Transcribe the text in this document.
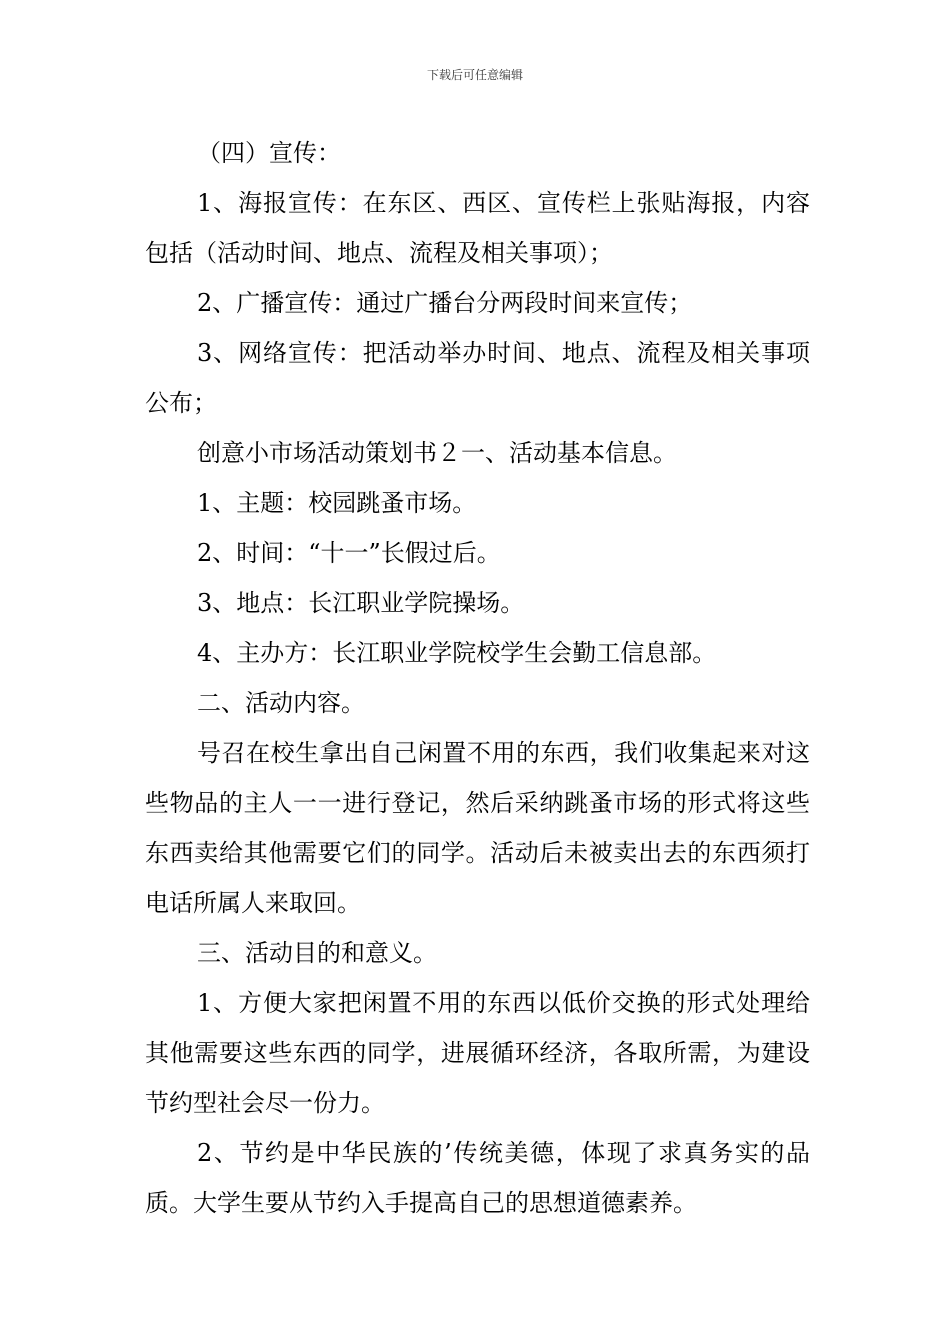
下载后可任意编辑

（四）宣传：

1、海报宣传：在东区、西区、宣传栏上张贴海报，内容包括（活动时间、地点、流程及相关事项）；

2、广播宣传：通过广播台分两段时间来宣传；

3、网络宣传：把活动举办时间、地点、流程及相关事项公布；

创意小市场活动策划书２一、活动基本信息。

1、主题：校园跳蚤市场。

2、时间：“十一”长假过后。

3、地点：长江职业学院操场。

4、主办方：长江职业学院校学生会勤工信息部。

二、活动内容。

号召在校生拿出自己闲置不用的东西，我们收集起来对这些物品的主人一一进行登记，然后采纳跳蚤市场的形式将这些东西卖给其他需要它们的同学。活动后未被卖出去的东西须打电话所属人来取回。

三、活动目的和意义。

1、方便大家把闲置不用的东西以低价交换的形式处理给其他需要这些东西的同学，进展循环经济，各取所需，为建设节约型社会尽一份力。

2、节约是中华民族的’传统美德，体现了求真务实的品质。大学生要从节约入手提高自己的思想道德素养。
